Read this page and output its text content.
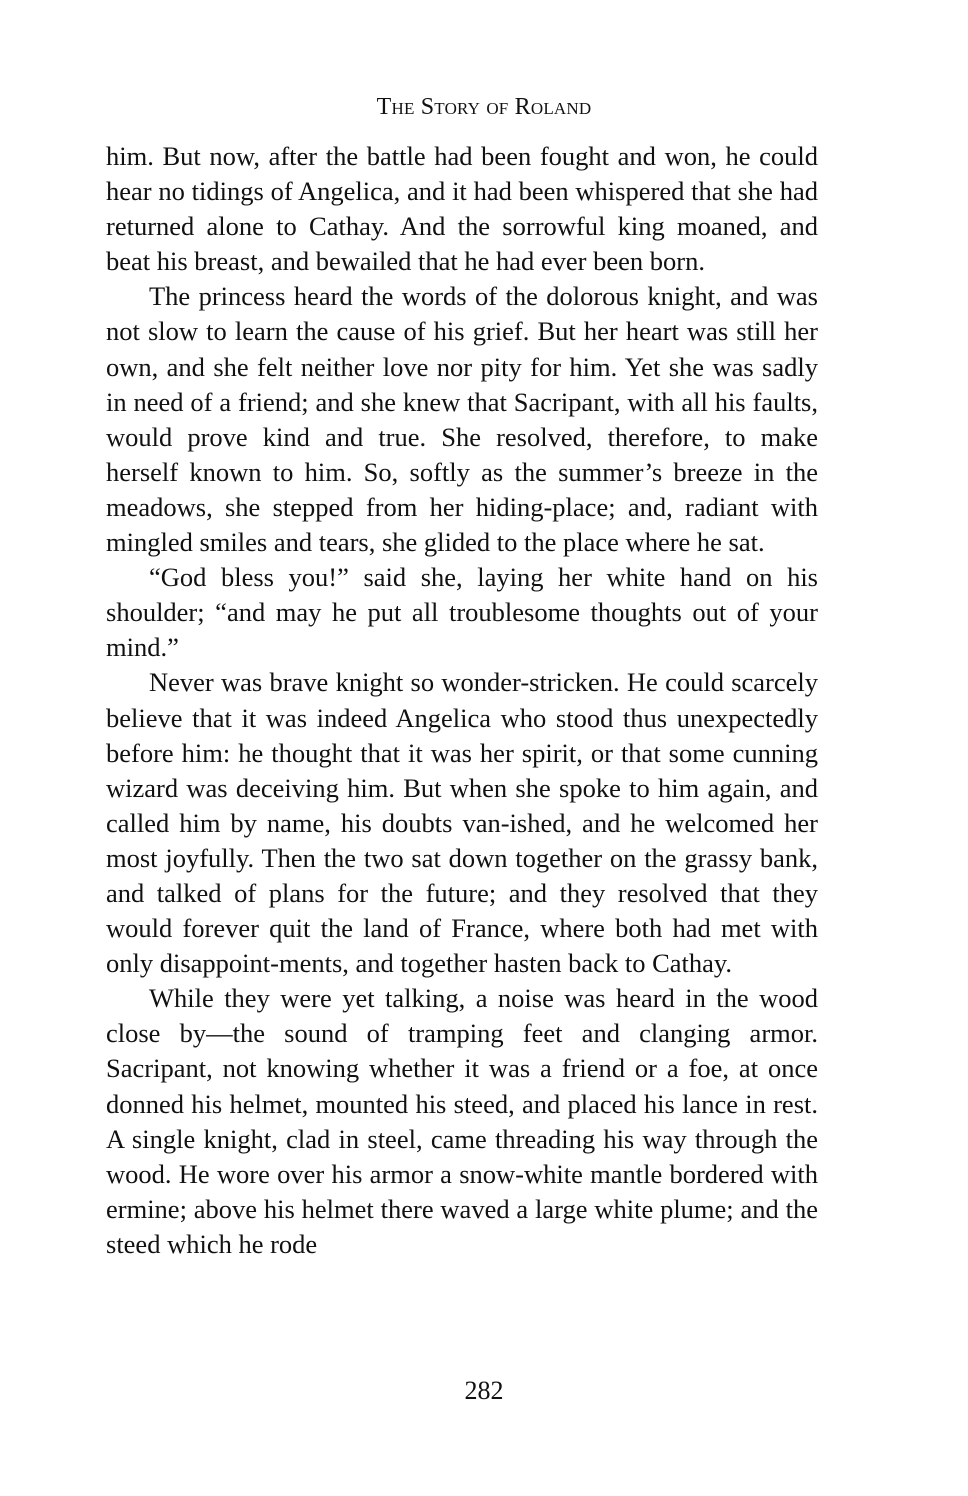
The Story of Roland

him. But now, after the battle had been fought and won, he could hear no tidings of Angelica, and it had been whispered that she had returned alone to Cathay. And the sorrowful king moaned, and beat his breast, and bewailed that he had ever been born.

The princess heard the words of the dolorous knight, and was not slow to learn the cause of his grief. But her heart was still her own, and she felt neither love nor pity for him. Yet she was sadly in need of a friend; and she knew that Sacripant, with all his faults, would prove kind and true. She resolved, therefore, to make herself known to him. So, softly as the summer’s breeze in the meadows, she stepped from her hiding-place; and, radiant with mingled smiles and tears, she glided to the place where he sat.

“God bless you!” said she, laying her white hand on his shoulder; “and may he put all troublesome thoughts out of your mind.”

Never was brave knight so wonder-stricken. He could scarcely believe that it was indeed Angelica who stood thus unexpectedly before him: he thought that it was her spirit, or that some cunning wizard was deceiving him. But when she spoke to him again, and called him by name, his doubts van-ished, and he welcomed her most joyfully. Then the two sat down together on the grassy bank, and talked of plans for the future; and they resolved that they would forever quit the land of France, where both had met with only disappoint-ments, and together hasten back to Cathay.

While they were yet talking, a noise was heard in the wood close by—the sound of tramping feet and clanging armor. Sacripant, not knowing whether it was a friend or a foe, at once donned his helmet, mounted his steed, and placed his lance in rest. A single knight, clad in steel, came threading his way through the wood. He wore over his armor a snow-white mantle bordered with ermine; above his helmet there waved a large white plume; and the steed which he rode

282
